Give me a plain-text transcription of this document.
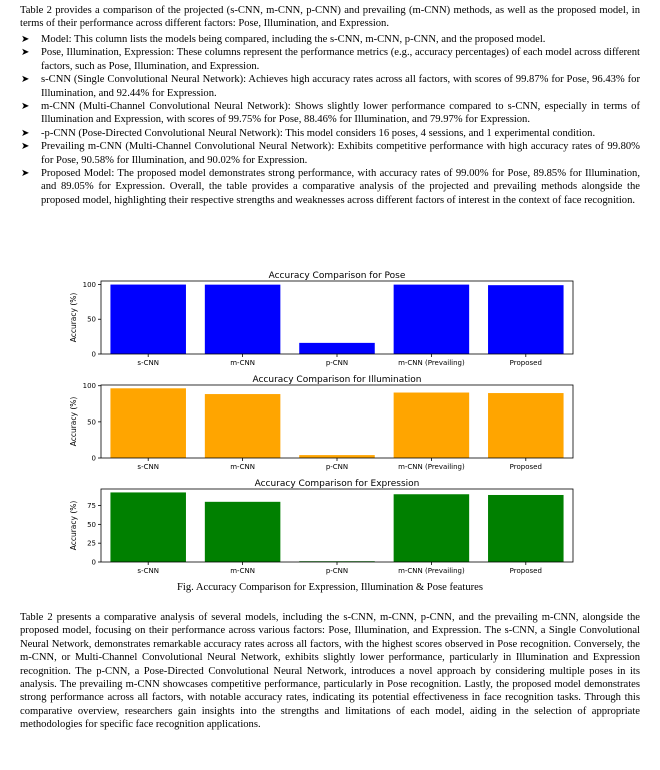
Table 2 provides a comparison of the projected (s-CNN, m-CNN, p-CNN) and prevailing (m-CNN) methods, as well as the proposed model, in terms of their performance across different factors: Pose, Illumination, and Expression.

➤ Model: This column lists the models being compared, including the s-CNN, m-CNN, p-CNN, and the proposed model.
➤ Pose, Illumination, Expression: These columns represent the performance metrics (e.g., accuracy percentages) of each model across different factors, such as Pose, Illumination, and Expression.
➤ s-CNN (Single Convolutional Neural Network): Achieves high accuracy rates across all factors, with scores of 99.87% for Pose, 96.43% for Illumination, and 92.44% for Expression.
➤ m-CNN (Multi-Channel Convolutional Neural Network): Shows slightly lower performance compared to s-CNN, especially in terms of Illumination and Expression, with scores of 99.75% for Pose, 88.46% for Illumination, and 79.97% for Expression.
➤ -p-CNN (Pose-Directed Convolutional Neural Network): This model considers 16 poses, 4 sessions, and 1 experimental condition.
➤ Prevailing m-CNN (Multi-Channel Convolutional Neural Network): Exhibits competitive performance with high accuracy rates of 99.80% for Pose, 90.58% for Illumination, and 90.02% for Expression.
➤ Proposed Model: The proposed model demonstrates strong performance, with accuracy rates of 99.00% for Pose, 89.85% for Illumination, and 89.05% for Expression. Overall, the table provides a comparative analysis of the projected and prevailing methods alongside the proposed model, highlighting their respective strengths and weaknesses across different factors of interest in the context of face recognition.
Accuracy Comparison for Pose
0
50
100
s-CNN	m-CNN	p-CNN	m-CNN (Prevailing)	Proposed
Accuracy (%)
Accuracy Comparison for Illumination
0
50
100
s-CNN	m-CNN	p-CNN	m-CNN (Prevailing)	Proposed
Accuracy (%)
Accuracy Comparison for Expression
0
25
50
75
s-CNN	m-CNN	p-CNN	m-CNN (Prevailing)	Proposed
Accuracy (%)
Fig. Accuracy Comparison for Expression, Illumination & Pose features

Table 2 presents a comparative analysis of several models, including the s-CNN, m-CNN, p-CNN, and the prevailing m-CNN, alongside the proposed model, focusing on their performance across various factors: Pose, Illumination, and Expression. The s-CNN, a Single Convolutional Neural Network, demonstrates remarkable accuracy rates across all factors, with the highest scores observed in Pose recognition. Conversely, the m-CNN, or Multi-Channel Convolutional Neural Network, exhibits slightly lower performance, particularly in Illumination and Expression recognition. The p-CNN, a Pose-Directed Convolutional Neural Network, introduces a novel approach by considering multiple poses in its analysis. The prevailing m-CNN showcases competitive performance, particularly in Pose recognition. Lastly, the proposed model demonstrates strong performance across all factors, with notable accuracy rates, indicating its potential effectiveness in face recognition tasks. Through this comparative overview, researchers gain insights into the strengths and limitations of each model, aiding in the selection of appropriate methodologies for specific face recognition applications.
